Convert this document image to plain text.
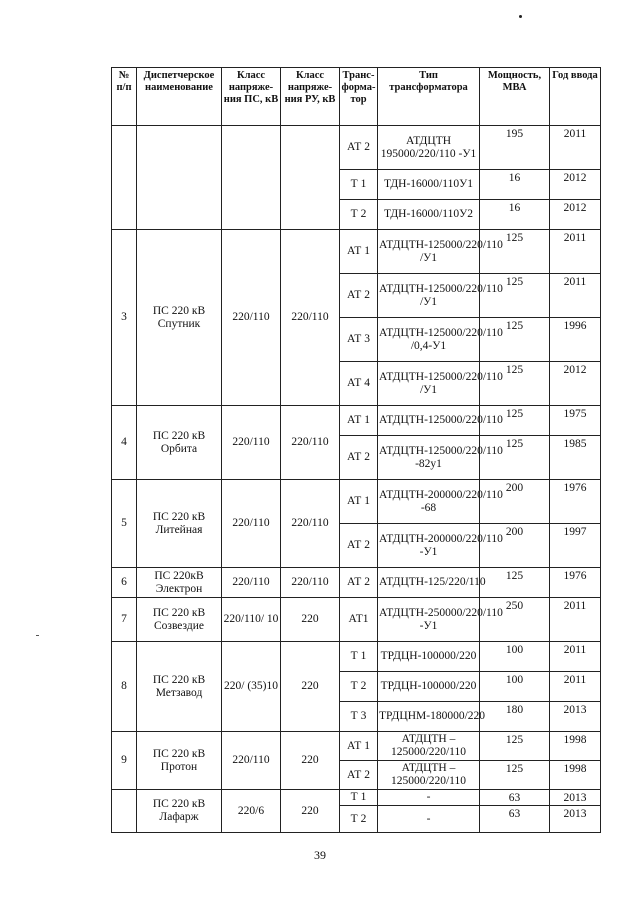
№ п/п	Диспетчерское наименование	Класс напряже-ния ПС, кВ	Класс напряже-ния РУ, кВ	Транс-форма-тор	Тип трансформатора	Мощность, МВА	Год ввода
				АТ 2	АТДЦТН 195000/220/110 -У1	195	2011
				Т 1	ТДН-16000/110У1	16	2012
				Т 2	ТДН-16000/110У2	16	2012
3	ПС 220 кВ Спутник	220/110	220/110	АТ 1	АТДЦТН-125000/220/110 /У1	125	2011
				АТ 2	АТДЦТН-125000/220/110 /У1	125	2011
				АТ 3	АТДЦТН-125000/220/110 /0,4-У1	125	1996
				АТ 4	АТДЦТН-125000/220/110 /У1	125	2012
4	ПС 220 кВ Орбита	220/110	220/110	АТ 1	АТДЦТН-125000/220/110	125	1975
				АТ 2	АТДЦТН-125000/220/110 -82у1	125	1985
5	ПС 220 кВ Литейная	220/110	220/110	АТ 1	АТДЦТН-200000/220/110 -68	200	1976
				АТ 2	АТДЦТН-200000/220/110 -У1	200	1997
6	ПС 220кВ Электрон	220/110	220/110	АТ 2	АТДЦТН-125/220/110	125	1976
7	ПС 220 кВ Созвездие	220/110/ 10	220	АТ1	АТДЦТН-250000/220/110 -У1	250	2011
8	ПС 220 кВ Метзавод	220/ (35)10	220	Т 1	ТРДЦН-100000/220	100	2011
				Т 2	ТРДЦН-100000/220	100	2011
				Т 3	ТРДЦНМ-180000/220	180	2013
9	ПС 220 кВ Протон	220/110	220	АТ 1	АТДЦТН – 125000/220/110	125	1998
				АТ 2	АТДЦТН – 125000/220/110	125	1998
	ПС 220 кВ Лафарж	220/6	220	Т 1	-	63	2013
				Т 2	-	63	2013
39
